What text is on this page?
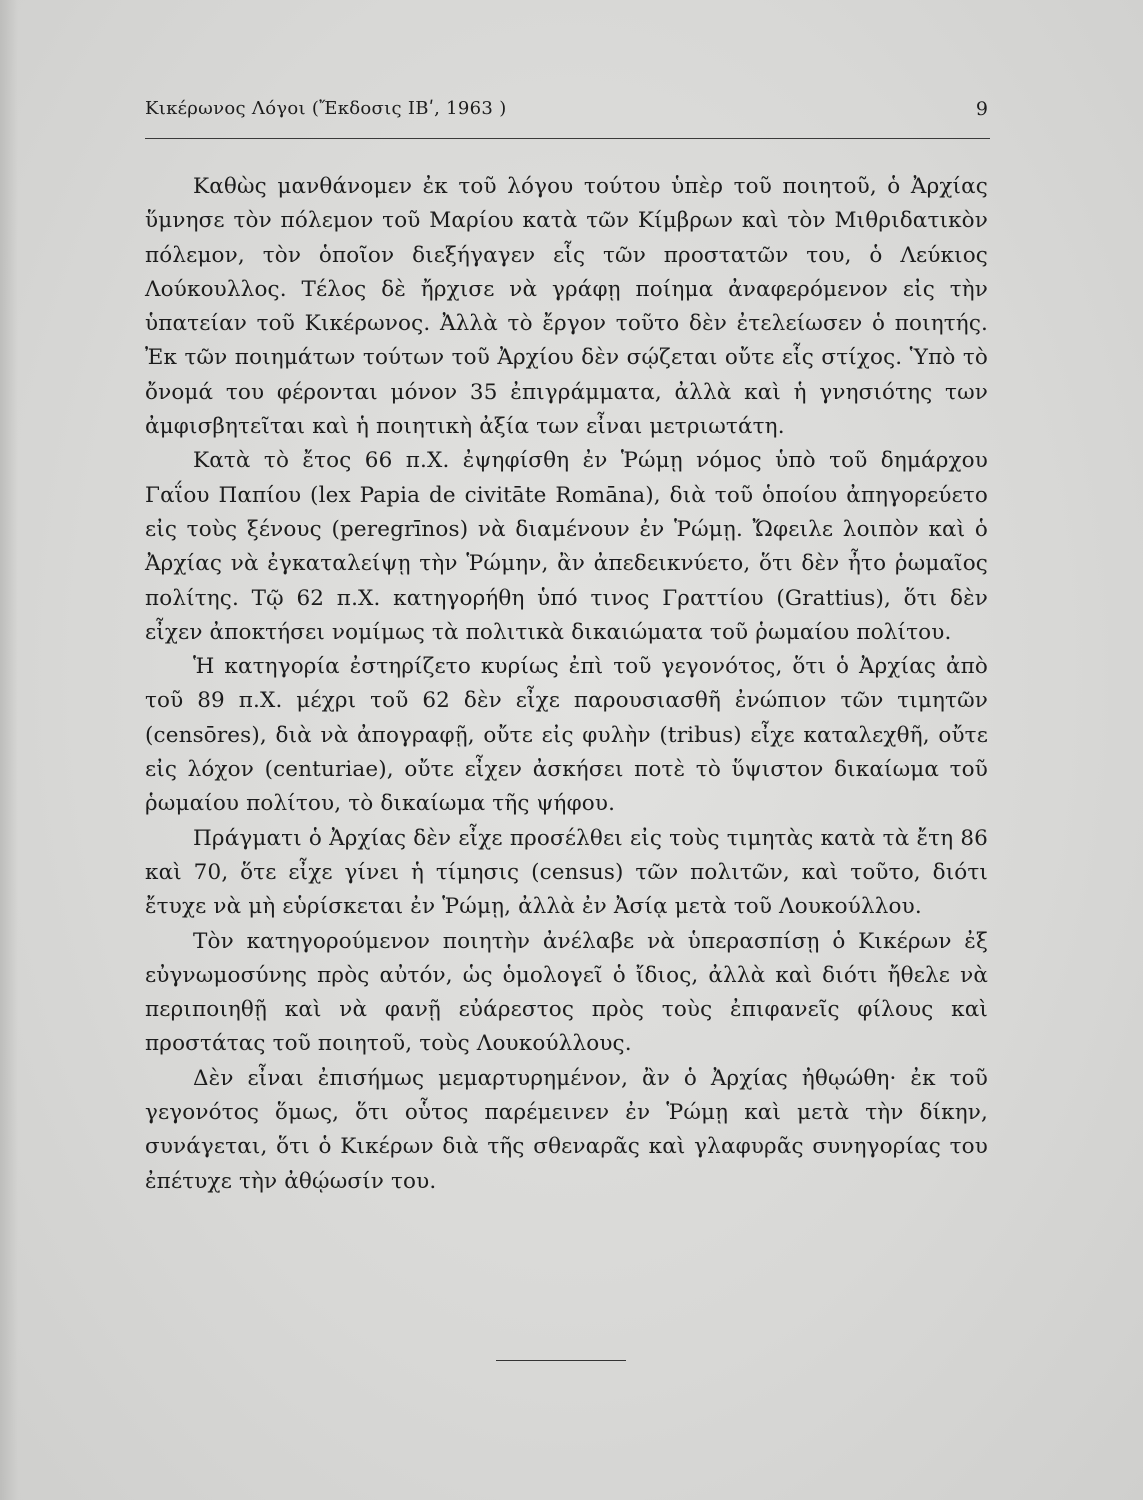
Κικέρωνος Λόγοι (Ἔκδοσις ΙΒʹ, 1963 )	9

Καθὼς μανθάνομεν ἐκ τοῦ λόγου τούτου ὑπὲρ τοῦ ποιητοῦ, ὁ Ἀρχίας ὕμνησε τὸν πόλεμον τοῦ Μαρίου κατὰ τῶν Κίμβρων καὶ τὸν Μιθριδατικὸν πόλεμον, τὸν ὁποῖον διεξήγαγεν εἷς τῶν προστατῶν του, ὁ Λεύκιος Λούκουλλος. Τέλος δὲ ἤρχισε νὰ γράφῃ ποίημα ἀναφερόμενον εἰς τὴν ὑπατείαν τοῦ Κικέρωνος. Ἀλλὰ τὸ ἔργον τοῦτο δὲν ἐτελείωσεν ὁ ποιητής. Ἐκ τῶν ποιημάτων τούτων τοῦ Ἀρχίου δὲν σῴζεται οὔτε εἷς στίχος. Ὑπὸ τὸ ὄνομά του φέρονται μόνον 35 ἐπιγράμματα, ἀλλὰ καὶ ἡ γνησιότης των ἀμφισβητεῖται καὶ ἡ ποιητικὴ ἀξία των εἶναι μετριωτάτη.

Κατὰ τὸ ἔτος 66 π.Χ. ἐψηφίσθη ἐν Ῥώμῃ νόμος ὑπὸ τοῦ δημάρχου Γαΐου Παπίου (lex Papia de civitāte Romāna), διὰ τοῦ ὁποίου ἀπηγορεύετο εἰς τοὺς ξένους (peregrīnos) νὰ διαμένουν ἐν Ῥώμῃ. Ὤφειλε λοιπὸν καὶ ὁ Ἀρχίας νὰ ἐγκαταλείψῃ τὴν Ῥώμην, ἂν ἀπεδεικνύετο, ὅτι δὲν ἦτο ῥωμαῖος πολίτης. Τῷ 62 π.Χ. κατηγορήθη ὑπό τινος Γραττίου (Grattius), ὅτι δὲν εἶχεν ἀποκτήσει νομίμως τὰ πολιτικὰ δικαιώματα τοῦ ῥωμαίου πολίτου.

Ἡ κατηγορία ἐστηρίζετο κυρίως ἐπὶ τοῦ γεγονότος, ὅτι ὁ Ἀρχίας ἀπὸ τοῦ 89 π.Χ. μέχρι τοῦ 62 δὲν εἶχε παρουσιασθῆ ἐνώπιον τῶν τιμητῶν (censōres), διὰ νὰ ἀπογραφῇ, οὔτε εἰς φυλὴν (tribus) εἶχε καταλεχθῆ, οὔτε εἰς λόχον (centuriae), οὔτε εἶχεν ἀσκήσει ποτὲ τὸ ὕψιστον δικαίωμα τοῦ ῥωμαίου πολίτου, τὸ δικαίωμα τῆς ψήφου.

Πράγματι ὁ Ἀρχίας δὲν εἶχε προσέλθει εἰς τοὺς τιμητὰς κατὰ τὰ ἔτη 86 καὶ 70, ὅτε εἶχε γίνει ἡ τίμησις (census) τῶν πολιτῶν, καὶ τοῦτο, διότι ἔτυχε νὰ μὴ εὑρίσκεται ἐν Ῥώμῃ, ἀλλὰ ἐν Ἀσίᾳ μετὰ τοῦ Λουκούλλου.

Τὸν κατηγορούμενον ποιητὴν ἀνέλαβε νὰ ὑπερασπίσῃ ὁ Κικέρων ἐξ εὐγνωμοσύνης πρὸς αὐτόν, ὡς ὁμολογεῖ ὁ ἴδιος, ἀλλὰ καὶ διότι ἤθελε νὰ περιποιηθῇ καὶ νὰ φανῇ εὐάρεστος πρὸς τοὺς ἐπιφανεῖς φίλους καὶ προστάτας τοῦ ποιητοῦ, τοὺς Λουκούλλους.

Δὲν εἶναι ἐπισήμως μεμαρτυρημένον, ἂν ὁ Ἀρχίας ἠθῳώθη· ἐκ τοῦ γεγονότος ὅμως, ὅτι οὗτος παρέμεινεν ἐν Ῥώμῃ καὶ μετὰ τὴν δίκην, συνάγεται, ὅτι ὁ Κικέρων διὰ τῆς σθεναρᾶς καὶ γλαφυρᾶς συνηγορίας του ἐπέτυχε τὴν ἀθῴωσίν του.
